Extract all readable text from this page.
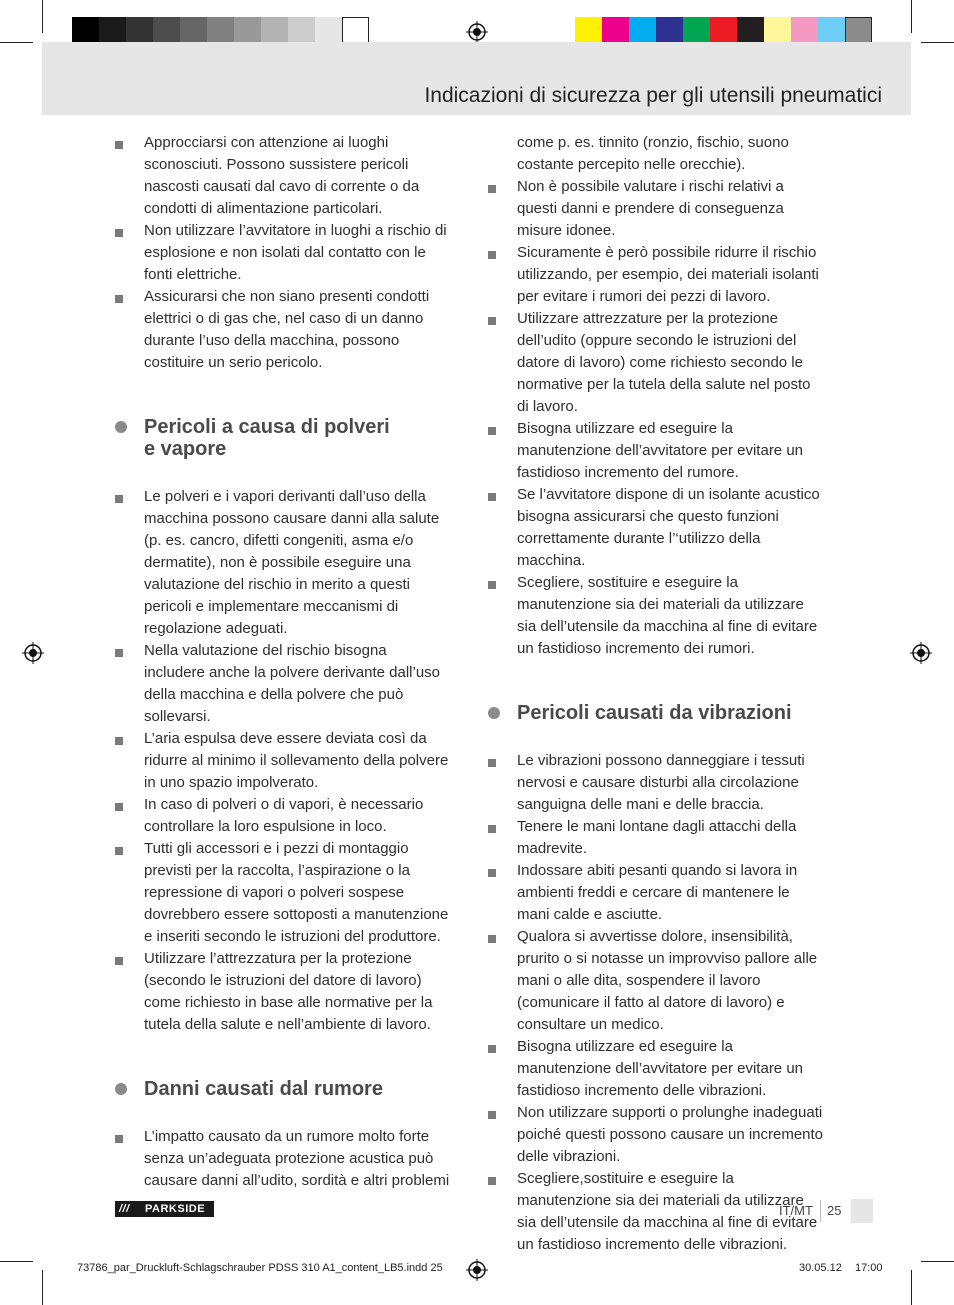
Indicazioni di sicurezza per gli utensili pneumatici
Approcciarsi con attenzione ai luoghi sconosciuti. Possono sussistere pericoli nascosti causati dal cavo di corrente o da condotti di alimentazione particolari.
Non utilizzare l’avvitatore in luoghi a rischio di esplosione e non isolati dal contatto con le fonti elettriche.
Assicurarsi che non siano presenti condotti elettrici o di gas che, nel caso di un danno durante l’uso della macchina, possono costituire un serio pericolo.
Pericoli a causa di polveri
e vapore
Le polveri e i vapori derivanti dall’uso della macchina possono causare danni alla salute (p. es. cancro, difetti congeniti, asma e/o dermatite), non è possibile eseguire una valutazione del rischio in merito a questi pericoli e implementare meccanismi di regolazione adeguati.
Nella valutazione del rischio bisogna includere anche la polvere derivante dall’uso della macchina e della polvere che può sollevarsi.
L’aria espulsa deve essere deviata così da ridurre al minimo il sollevamento della polvere in uno spazio impolverato.
In caso di polveri o di vapori, è necessario controllare la loro espulsione in loco.
Tutti gli accessori e i pezzi di montaggio previsti per la raccolta, l’aspirazione o la repressione di vapori o polveri sospese dovrebbero essere sottoposti a manutenzione e inseriti secondo le istruzioni del produttore.
Utilizzare l’attrezzatura per la protezione (secondo le istruzioni del datore di lavoro) come richiesto in base alle normative per la tutela della salute e nell’ambiente di lavoro.
Danni causati dal rumore
L’impatto causato da un rumore molto forte senza un’adeguata protezione acustica può causare danni all’udito, sordità e altri problemi
come p. es. tinnito (ronzio, fischio, suono costante percepito nelle orecchie).
Non è possibile valutare i rischi relativi a questi danni e prendere di conseguenza misure idonee.
Sicuramente è però possibile ridurre il rischio utilizzando, per esempio, dei materiali isolanti per evitare i rumori dei pezzi di lavoro.
Utilizzare attrezzature per la protezione dell’udito (oppure secondo le istruzioni del datore di lavoro) come richiesto secondo le normative per la tutela della salute nel posto di lavoro.
Bisogna utilizzare ed eseguire la manutenzione dell’avvitatore per evitare un fastidioso incremento del rumore.
Se l’avvitatore dispone di un isolante acustico bisogna assicurarsi che questo funzioni correttamente durante l’‘utilizzo della macchina.
Scegliere, sostituire e eseguire la manutenzione sia dei materiali da utilizzare sia dell’utensile da macchina al fine di evitare un fastidioso incremento dei rumori.
Pericoli causati da vibrazioni
Le vibrazioni possono danneggiare i tessuti nervosi e causare disturbi alla circolazione sanguigna delle mani e delle braccia.
Tenere le mani lontane dagli attacchi della madrevite.
Indossare abiti pesanti quando si lavora in ambienti freddi e cercare di mantenere le mani calde e asciutte.
Qualora si avvertisse dolore, insensibilità, prurito o si notasse un improvviso pallore alle mani o alle dita, sospendere il lavoro (comunicare il fatto al datore di lavoro) e consultare un medico.
Bisogna utilizzare ed eseguire la manutenzione dell’avvitatore per evitare un fastidioso incremento delle vibrazioni.
Non utilizzare supporti o prolunghe inadeguati poiché questi possono causare un incremento delle vibrazioni.
Scegliere,sostituire e eseguire la manutenzione sia dei materiali da utilizzare sia dell’utensile da macchina al fine di evitare un fastidioso incremento delle vibrazioni.
/// PARKSIDE	IT/MT 25
73786_par_Druckluft-Schlagschrauber PDSS 310 A1_content_LB5.indd 25	30.05.12 17:00
